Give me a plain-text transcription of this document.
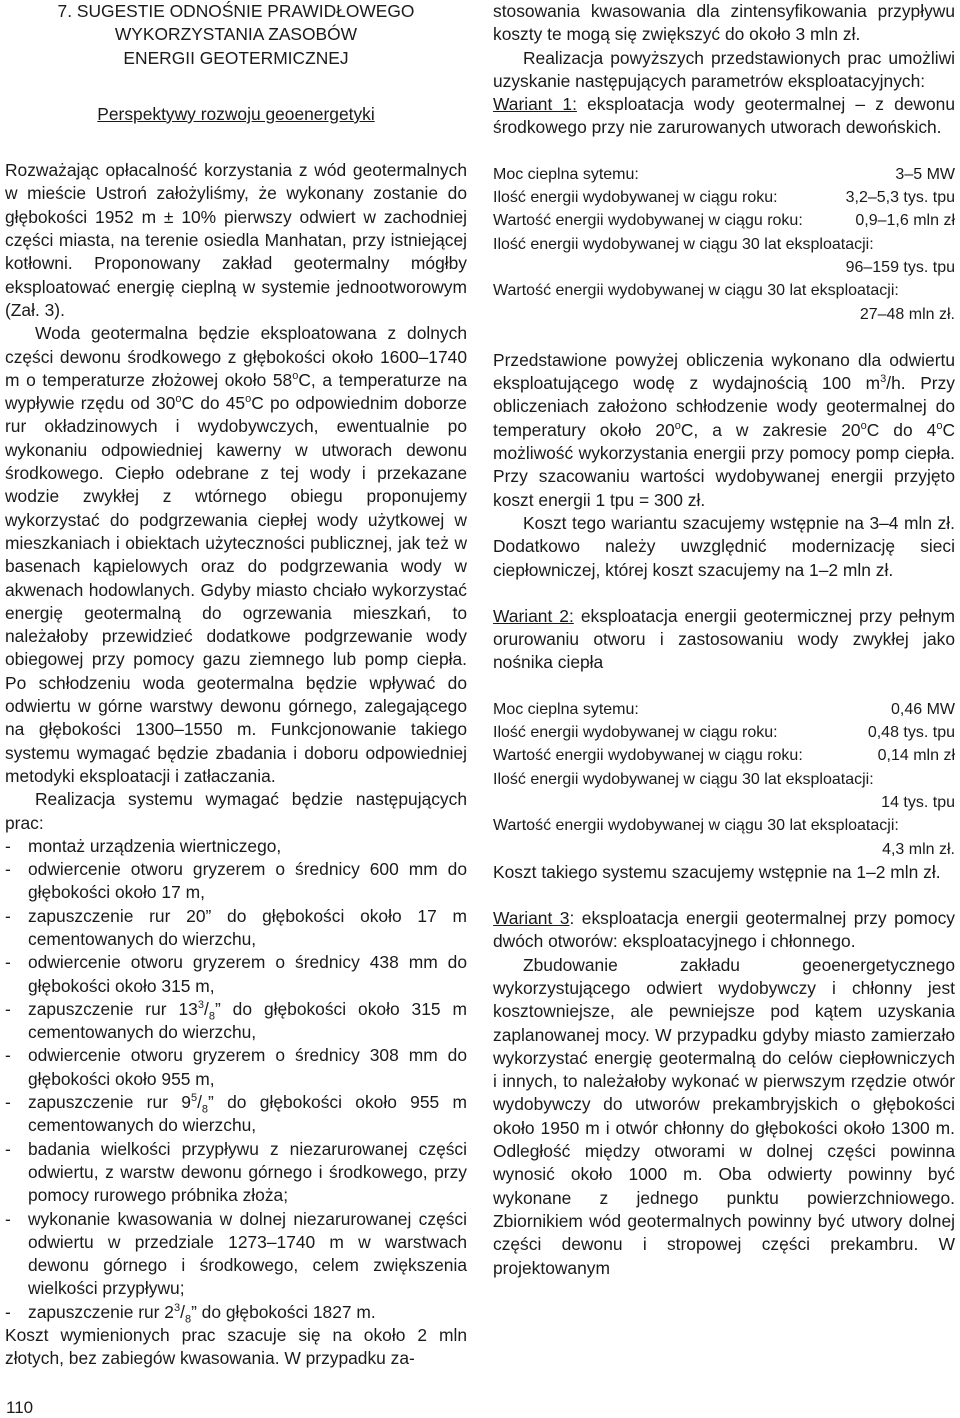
7. SUGESTIE ODNOŚNIE PRAWIDŁOWEGO
WYKORZYSTANIA ZASOBÓW
ENERGII GEOTERMICZNEJ
Perspektywy rozwoju geoenergetyki

Rozważając opłacalność korzystania z wód geotermalnych w mieście Ustroń założyliśmy, że wykonany zostanie do głębokości 1952 m ± 10% pierwszy odwiert w zachodniej części miasta, na terenie osiedla Manhatan, przy istniejącej kotłowni. Proponowany zakład geotermalny mógłby eksploatować energię cieplną w systemie jednootworowym (Zał. 3).

Woda geotermalna będzie eksploatowana z dolnych części dewonu środkowego z głębokości około 1600–1740 m o temperaturze złożowej około 58$^o$C, a temperaturze na wypływie rzędu od 30$^o$C do 45$^o$C po odpowiednim doborze rur okładzinowych i wydobywczych, ewentualnie po wykonaniu odpowiedniej kawerny w utworach dewonu środkowego. Ciepło odebrane z tej wody i przekazane wodzie zwykłej z wtórnego obiegu proponujemy wykorzystać do podgrzewania ciepłej wody użytkowej w mieszkaniach i obiektach użyteczności publicznej, jak też w basenach kąpielowych oraz do podgrzewania wody w akwenach hodowlanych. Gdyby miasto chciało wykorzystać energię geotermalną do ogrzewania mieszkań, to należałoby przewidzieć dodatkowe podgrzewanie wody obiegowej przy pomocy gazu ziemnego lub pomp ciepła. Po schłodzeniu woda geotermalna będzie wpływać do odwiertu w górne warstwy dewonu górnego, zalegającego na głębokości 1300–1550 m. Funkcjonowanie takiego systemu wymagać będzie zbadania i doboru odpowiedniej metodyki eksploatacji i zatłaczania.

Realizacja systemu wymagać będzie następujących prac:

- montaż urządzenia wiertniczego,
- odwiercenie otworu gryzerem o średnicy 600 mm do głębokości około 17 m,
- zapuszczenie rur 20” do głębokości około 17 m cementowanych do wierzchu,
- odwiercenie otworu gryzerem o średnicy 438 mm do głębokości około 315 m,
- zapuszczenie rur $13^3/_8$” do głębokości około 315 m cementowanych do wierzchu,
- odwiercenie otworu gryzerem o średnicy 308 mm do głębokości około 955 m,
- zapuszczenie rur $9^5/_8$” do głębokości około 955 m cementowanych do wierzchu,
- badania wielkości przypływu z niezarurowanej części odwiertu, z warstw dewonu górnego i środkowego, przy pomocy rurowego próbnika złoża;
- wykonanie kwasowania w dolnej niezarurowanej części odwiertu w przedziale 1273–1740 m w warstwach dewonu górnego i środkowego, celem zwiększenia wielkości przypływu;
- zapuszczenie rur $2^3/_8$” do głębokości 1827 m.

Koszt wymienionych prac szacuje się na około 2 mln złotych, bez zabiegów kwasowania. W przypadku za-

stosowania kwasowania dla zintensyfikowania przypływu koszty te mogą się zwiększyć do około 3 mln zł.

Realizacja powyższych przedstawionych prac umożliwi uzyskanie następujących parametrów eksploatacyjnych:

Wariant 1: eksploatacja wody geotermalnej – z dewonu środkowego przy nie zarurowanych utworach dewońskich.

Moc cieplna sytemu:	3–5 MW
Ilość energii wydobywanej w ciągu roku:	3,2–5,3 tys. tpu
Wartość energii wydobywanej w ciągu roku:	0,9–1,6 mln zł
Ilość energii wydobywanej w ciągu 30 lat eksploatacji:
96–159 tys. tpu
Wartość energii wydobywanej w ciągu 30 lat eksploatacji:
27–48 mln zł.

Przedstawione powyżej obliczenia wykonano dla odwiertu eksploatującego wodę z wydajnością 100 $m^3/h$. Przy obliczeniach założono schłodzenie wody geotermalnej do temperatury około 20$^o$C, a w zakresie 20$^o$C do 4$^o$C możliwość wykorzystania energii przy pomocy pomp ciepła. Przy szacowaniu wartości wydobywanej energii przyjęto koszt energii 1 tpu = 300 zł.

Koszt tego wariantu szacujemy wstępnie na 3–4 mln zł. Dodatkowo należy uwzględnić modernizację sieci ciepłowniczej, której koszt szacujemy na 1–2 mln zł.

Wariant 2: eksploatacja energii geotermicznej przy pełnym orurowaniu otworu i zastosowaniu wody zwykłej jako nośnika ciepła

Moc cieplna sytemu:	0,46 MW
Ilość energii wydobywanej w ciągu roku:	0,48 tys. tpu
Wartość energii wydobywanej w ciągu roku:	0,14 mln zł
Ilość energii wydobywanej w ciągu 30 lat eksploatacji:
14 tys. tpu
Wartość energii wydobywanej w ciągu 30 lat eksploatacji:
4,3 mln zł.

Koszt takiego systemu szacujemy wstępnie na 1–2 mln zł.

Wariant 3: eksploatacja energii geotermalnej przy pomocy dwóch otworów: eksploatacyjnego i chłonnego.

Zbudowanie zakładu geoenergetycznego wykorzystującego odwiert wydobywczy i chłonny jest kosztowniejsze, ale pewniejsze pod kątem uzyskania zaplanowanej mocy. W przypadku gdyby miasto zamierzało wykorzystać energię geotermalną do celów ciepłowniczych i innych, to należałoby wykonać w pierwszym rzędzie otwór wydobywczy do utworów prekambryjskich o głębokości około 1950 m i otwór chłonny do głębokości około 1300 m. Odległość między otworami w dolnej części powinna wynosić około 1000 m. Oba odwierty powinny być wykonane z jednego punktu powierzchniowego. Zbiornikiem wód geotermalnych powinny być utwory dolnej części dewonu i stropowej części prekambru. W projektowanym

110
